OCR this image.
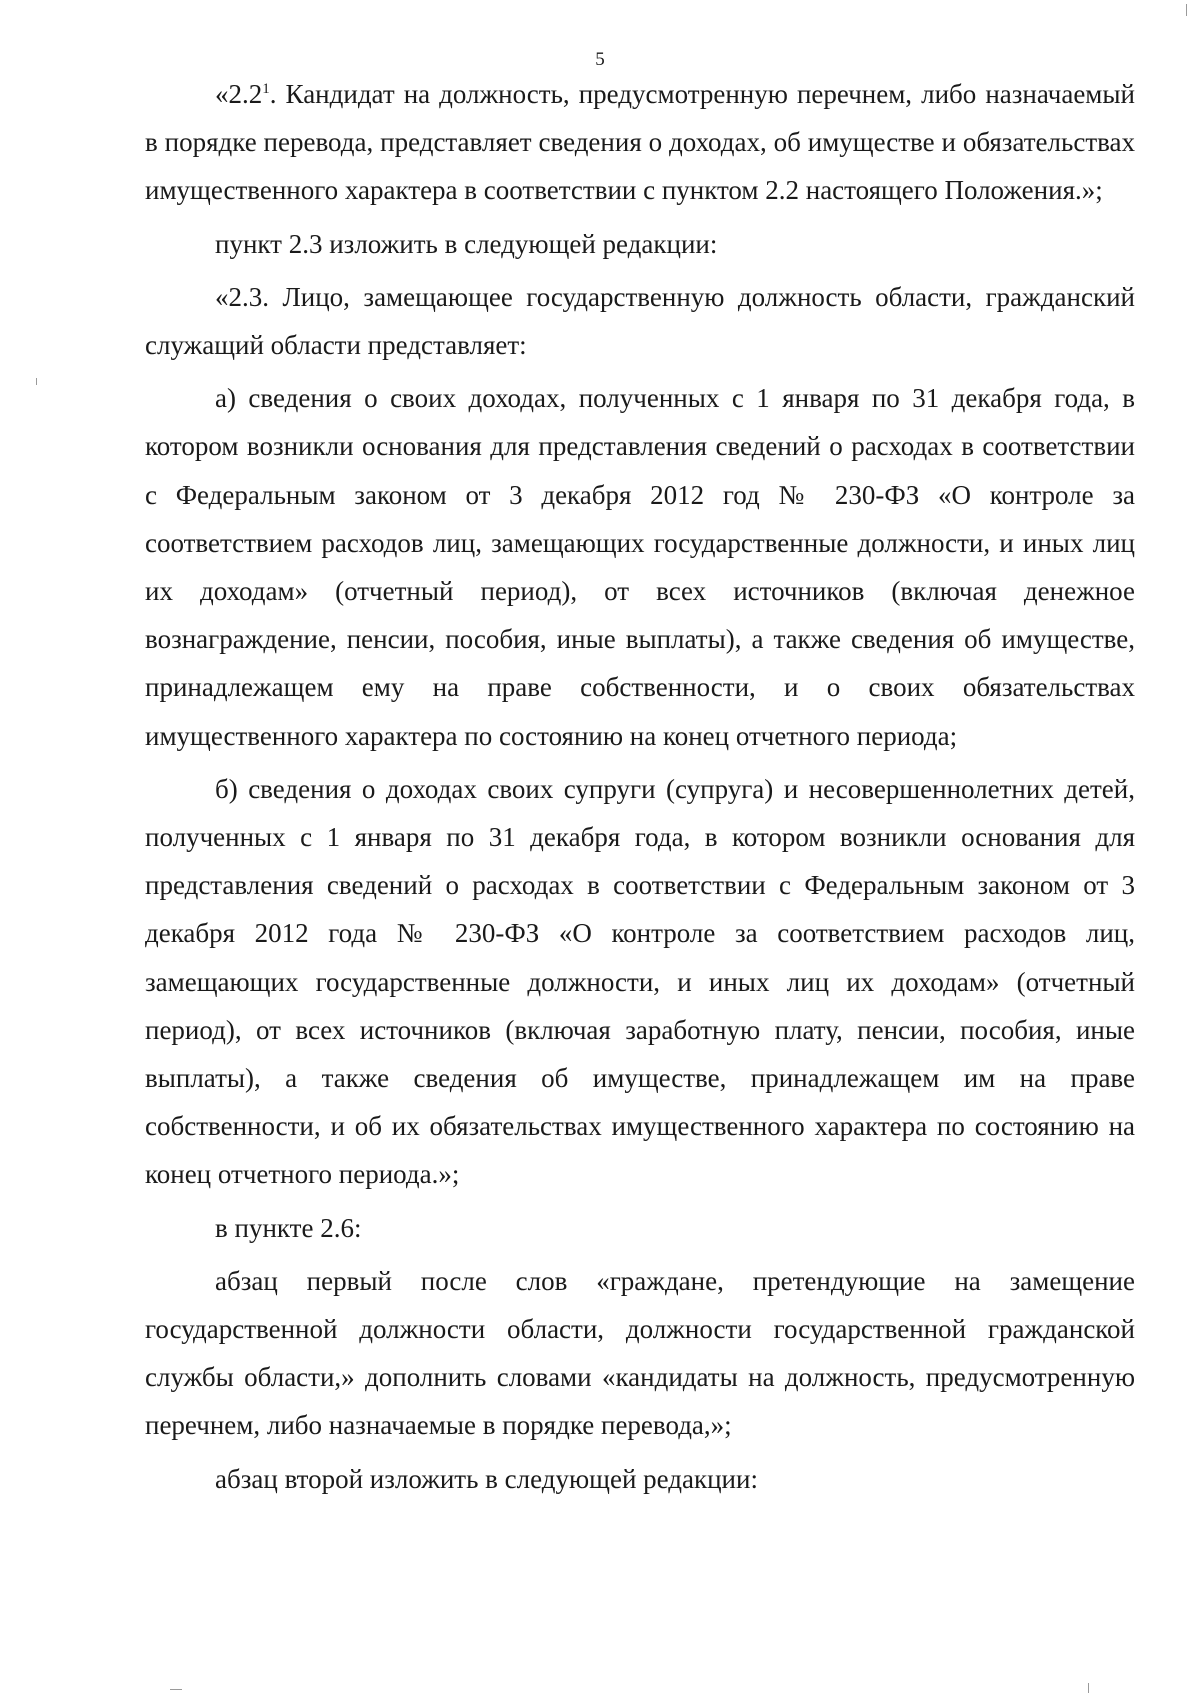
5

«$2.2^1$. Кандидат на должность, предусмотренную перечнем, либо назначаемый в порядке перевода, представляет сведения о доходах, об имуществе и обязательствах имущественного характера в соответствии с пунктом 2.2 настоящего Положения.»;

пункт 2.3 изложить в следующей редакции:

«2.3. Лицо, замещающее государственную должность области, гражданский служащий области представляет:

а) сведения о своих доходах, полученных с 1 января по 31 декабря года, в котором возникли основания для представления сведений о расходах в соответствии с Федеральным законом от 3 декабря 2012 год № 230-ФЗ «О контроле за соответствием расходов лиц, замещающих государственные должности, и иных лиц их доходам» (отчетный период), от всех источников (включая денежное вознаграждение, пенсии, пособия, иные выплаты), а также сведения об имуществе, принадлежащем ему на праве собственности, и о своих обязательствах имущественного характера по состоянию на конец отчетного периода;

б) сведения о доходах своих супруги (супруга) и несовершеннолетних детей, полученных с 1 января по 31 декабря года, в котором возникли основания для представления сведений о расходах в соответствии с Федеральным законом от 3 декабря 2012 года № 230-ФЗ «О контроле за соответствием расходов лиц, замещающих государственные должности, и иных лиц их доходам» (отчетный период), от всех источников (включая заработную плату, пенсии, пособия, иные выплаты), а также сведения об имуществе, принадлежащем им на праве собственности, и об их обязательствах имущественного характера по состоянию на конец отчетного периода.»;

в пункте 2.6:

абзац первый после слов «граждане, претендующие на замещение государственной должности области, должности государственной гражданской службы области,» дополнить словами «кандидаты на должность, предусмотренную перечнем, либо назначаемые в порядке перевода,»;

абзац второй изложить в следующей редакции:
